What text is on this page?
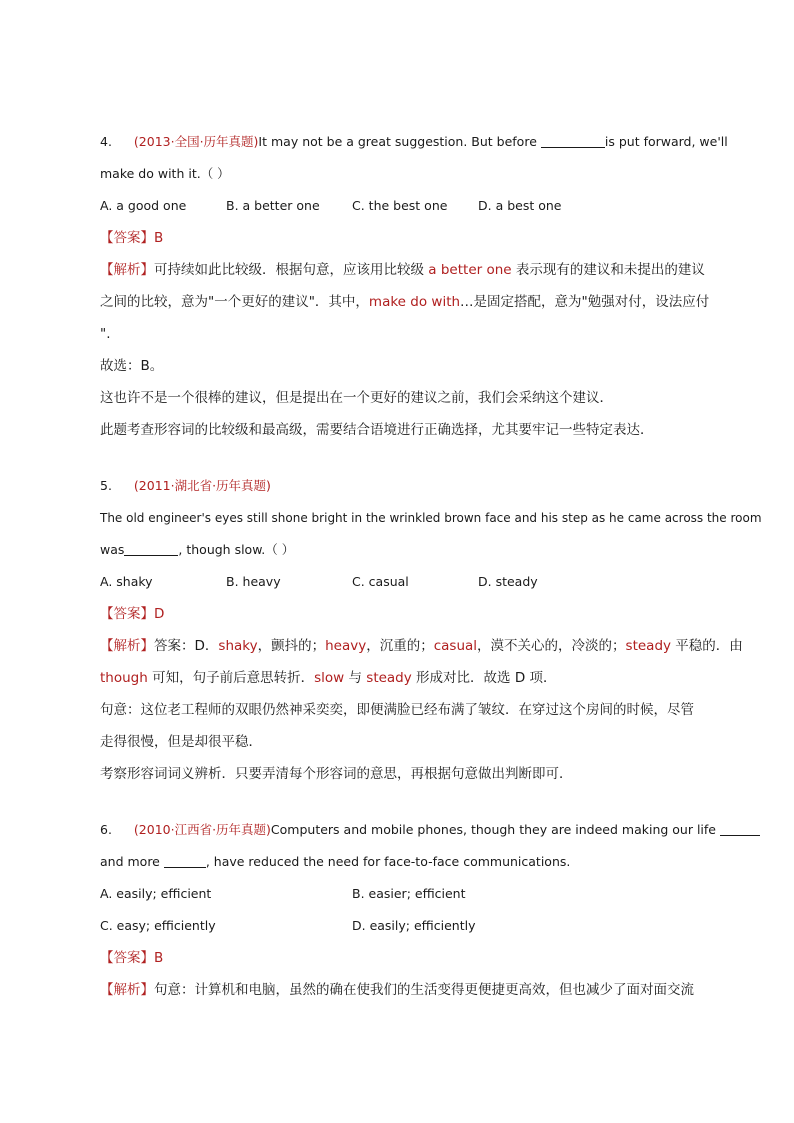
4. (2013·全国·历年真题)It may not be a great suggestion. But before	is put forward, we'll
make do with it.（ ）
A. a good one	B. a better one	C. the best one	D. a best one
【答案】B
【解析】可持续如此比较级．根据句意，应该用比较级 a better one 表示现有的建议和未提出的建议
之间的比较，意为"一个更好的建议"．其中，make do with…是固定搭配，意为"勉强对付，设法应付
".
故选：B。
这也许不是一个很棒的建议，但是提出在一个更好的建议之前，我们会采纳这个建议．
此题考查形容词的比较级和最高级，需要结合语境进行正确选择，尤其要牢记一些特定表达．
5. (2011·湖北省·历年真题)
The old engineer's eyes still shone bright in the wrinkled brown face and his step as he came across the room
was	, though slow.（ ）
A. shaky	B. heavy	C. casual	D. steady
【答案】D
【解析】答案：D．shaky，颤抖的；heavy，沉重的；casual，漠不关心的，冷淡的；steady 平稳的．由
though 可知，句子前后意思转折．slow 与 steady 形成对比．故选 D 项．
句意：这位老工程师的双眼仍然神采奕奕，即便满脸已经布满了皱纹．在穿过这个房间的时候，尽管
走得很慢，但是却很平稳．
考察形容词词义辨析．只要弄清每个形容词的意思，再根据句意做出判断即可．
6. (2010·江西省·历年真题)Computers and mobile phones, though they are indeed making our life
and more	, have reduced the need for face-to-face communications.
A. easily; efficient	B. easier; efficient
C. easy; efficiently	D. easily; efficiently
【答案】B
【解析】句意：计算机和电脑，虽然的确在使我们的生活变得更便捷更高效，但也减少了面对面交流
